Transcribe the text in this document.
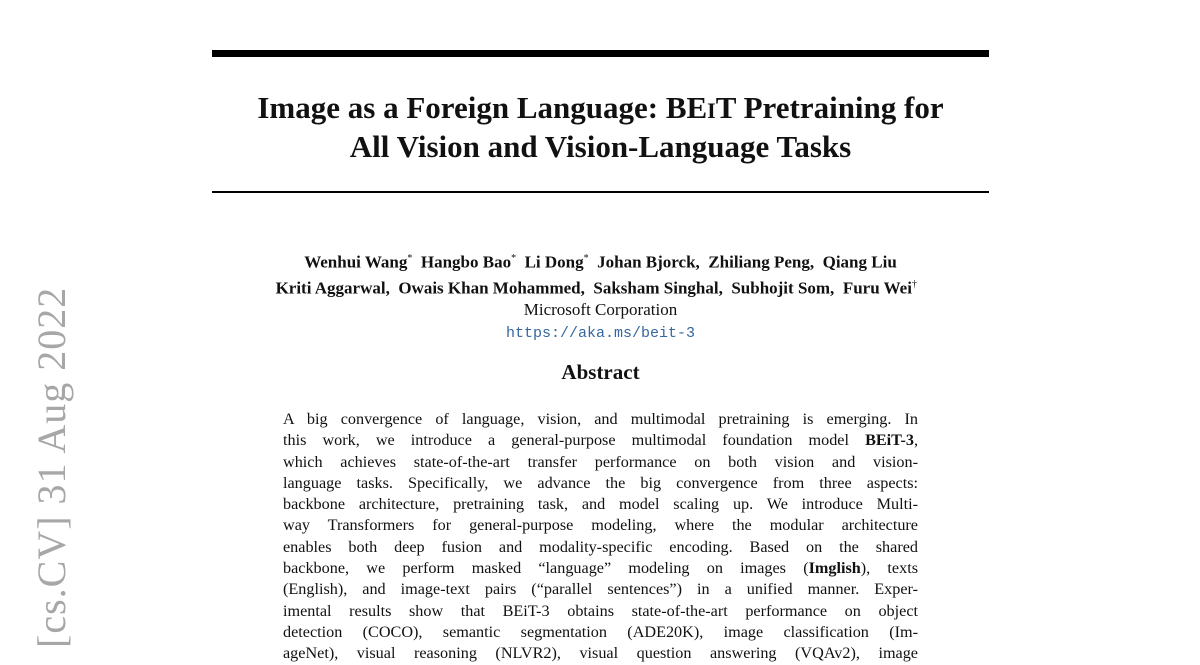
[cs.CV] 31 Aug 2022
Image as a Foreign Language: BEiT Pretraining for
All Vision and Vision-Language Tasks
Wenhui Wang*  Hangbo Bao*  Li Dong*  Johan Bjorck,  Zhiliang Peng,  Qiang Liu
Kriti Aggarwal,  Owais Khan Mohammed,  Saksham Singhal,  Subhojit Som,  Furu Wei† 
Microsoft Corporation
https://aka.ms/beit-3
Abstract
A big convergence of language, vision, and multimodal pretraining is emerging. In
this work, we introduce a general-purpose multimodal foundation model BEiT-3,
which achieves state-of-the-art transfer performance on both vision and vision-
language tasks. Specifically, we advance the big convergence from three aspects:
backbone architecture, pretraining task, and model scaling up. We introduce Multi-
way Transformers for general-purpose modeling, where the modular architecture
enables both deep fusion and modality-specific encoding. Based on the shared
backbone, we perform masked “language” modeling on images (Imglish), texts
(English), and image-text pairs (“parallel sentences”) in a unified manner. Exper-
imental results show that BEiT-3 obtains state-of-the-art performance on object
detection (COCO), semantic segmentation (ADE20K), image classification (Im-
ageNet), visual reasoning (NLVR2), visual question answering (VQAv2), image
